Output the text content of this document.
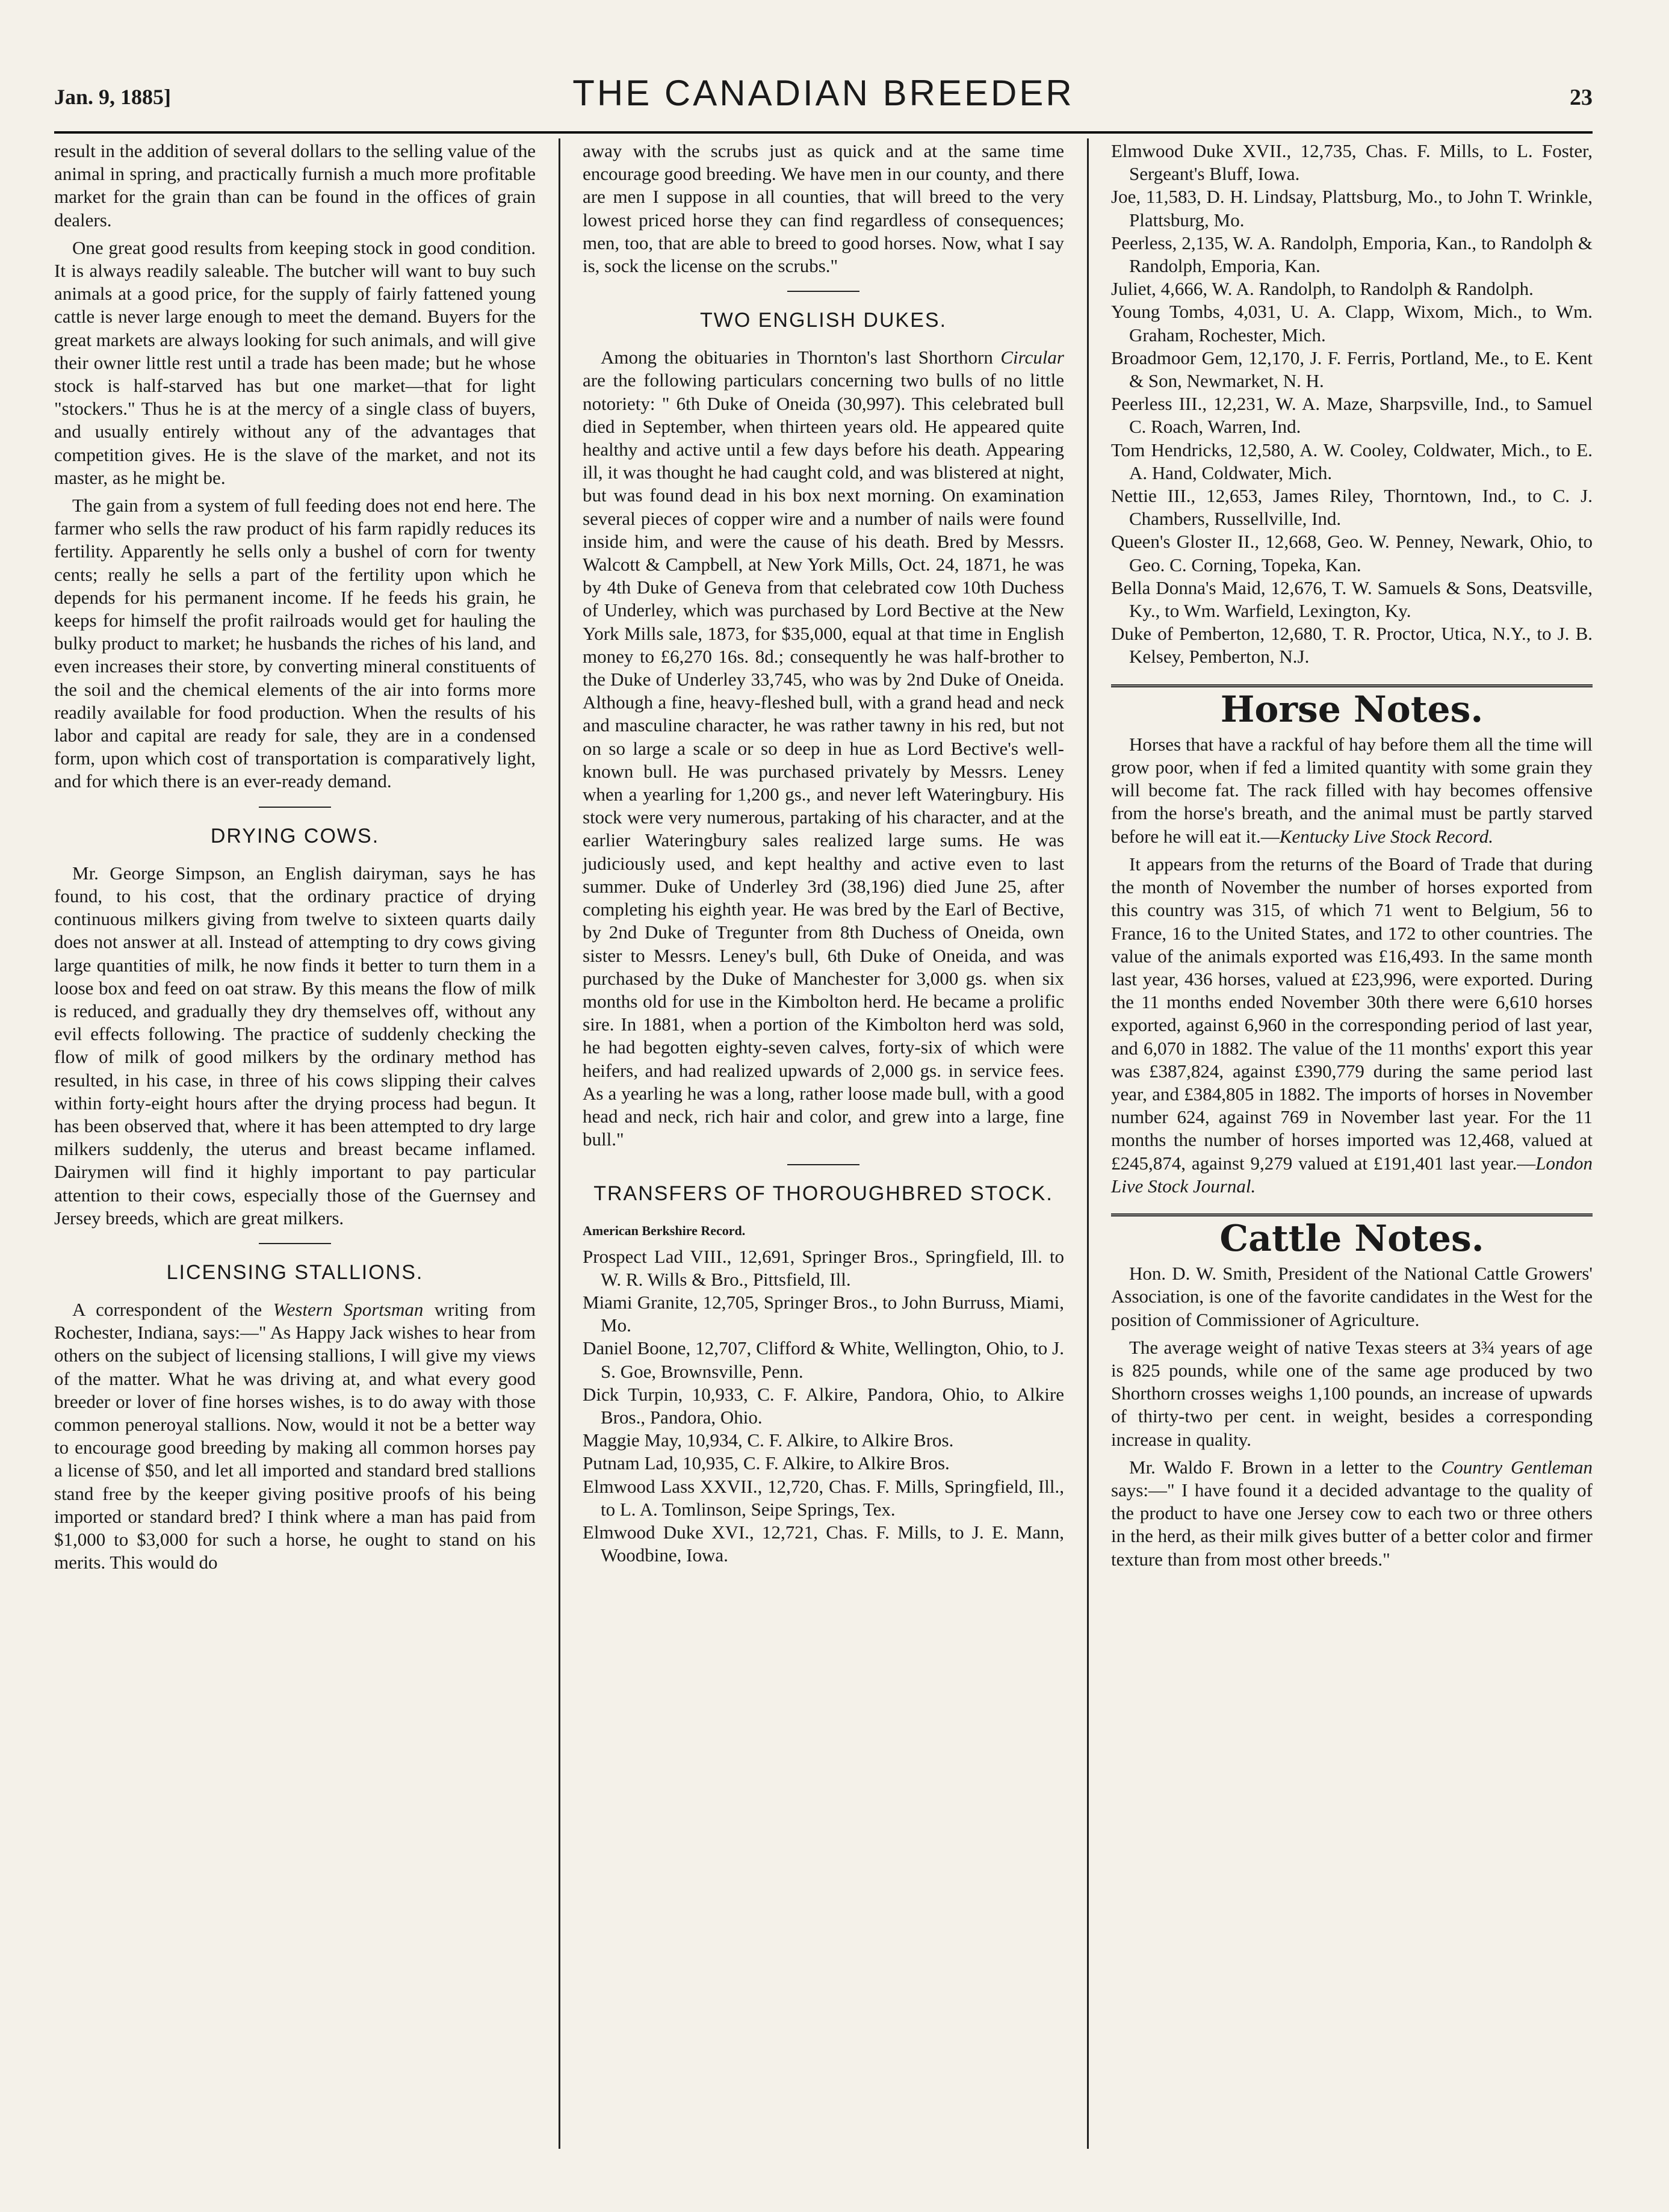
Jan. 9, 1885]	THE CANADIAN BREEDER	23

result in the addition of several dollars to the selling value of the animal in spring, and practically furnish a much more profitable market for the grain than can be found in the offices of grain dealers.

One great good results from keeping stock in good condition. It is always readily saleable. The butcher will want to buy such animals at a good price, for the supply of fairly fattened young cattle is never large enough to meet the demand. Buyers for the great markets are always looking for such animals, and will give their owner little rest until a trade has been made; but he whose stock is half-starved has but one market—that for light "stockers." Thus he is at the mercy of a single class of buyers, and usually entirely without any of the advantages that competition gives. He is the slave of the market, and not its master, as he might be.

The gain from a system of full feeding does not end here. The farmer who sells the raw product of his farm rapidly reduces its fertility. Apparently he sells only a bushel of corn for twenty cents; really he sells a part of the fertility upon which he depends for his permanent income. If he feeds his grain, he keeps for himself the profit railroads would get for hauling the bulky product to market; he husbands the riches of his land, and even increases their store, by converting mineral constituents of the soil and the chemical elements of the air into forms more readily available for food production. When the results of his labor and capital are ready for sale, they are in a condensed form, upon which cost of transportation is comparatively light, and for which there is an ever-ready demand.

DRYING COWS.

Mr. George Simpson, an English dairyman, says he has found, to his cost, that the ordinary practice of drying continuous milkers giving from twelve to sixteen quarts daily does not answer at all. Instead of attempting to dry cows giving large quantities of milk, he now finds it better to turn them in a loose box and feed on oat straw. By this means the flow of milk is reduced, and gradually they dry themselves off, without any evil effects following. The practice of suddenly checking the flow of milk of good milkers by the ordinary method has resulted, in his case, in three of his cows slipping their calves within forty-eight hours after the drying process had begun. It has been observed that, where it has been attempted to dry large milkers suddenly, the uterus and breast became inflamed. Dairymen will find it highly important to pay particular attention to their cows, especially those of the Guernsey and Jersey breeds, which are great milkers.

LICENSING STALLIONS.

A correspondent of the Western Sportsman writing from Rochester, Indiana, says:—" As Happy Jack wishes to hear from others on the subject of licensing stallions, I will give my views of the matter. What he was driving at, and what every good breeder or lover of fine horses wishes, is to do away with those common peneroyal stallions. Now, would it not be a better way to encourage good breeding by making all common horses pay a license of $50, and let all imported and standard bred stallions stand free by the keeper giving positive proofs of his being imported or standard bred? I think where a man has paid from $1,000 to $3,000 for such a horse, he ought to stand on his merits. This would do

away with the scrubs just as quick and at the same time encourage good breeding. We have men in our county, and there are men I suppose in all counties, that will breed to the very lowest priced horse they can find regardless of consequences; men, too, that are able to breed to good horses. Now, what I say is, sock the license on the scrubs."

TWO ENGLISH DUKES.

Among the obituaries in Thornton's last Shorthorn Circular are the following particulars concerning two bulls of no little notoriety: " 6th Duke of Oneida (30,997). This celebrated bull died in September, when thirteen years old. He appeared quite healthy and active until a few days before his death. Appearing ill, it was thought he had caught cold, and was blistered at night, but was found dead in his box next morning. On examination several pieces of copper wire and a number of nails were found inside him, and were the cause of his death. Bred by Messrs. Walcott & Campbell, at New York Mills, Oct. 24, 1871, he was by 4th Duke of Geneva from that celebrated cow 10th Duchess of Underley, which was purchased by Lord Bective at the New York Mills sale, 1873, for $35,000, equal at that time in English money to £6,270 16s. 8d.; consequently he was half-brother to the Duke of Underley 33,745, who was by 2nd Duke of Oneida. Although a fine, heavy-fleshed bull, with a grand head and neck and masculine character, he was rather tawny in his red, but not on so large a scale or so deep in hue as Lord Bective's well-known bull. He was purchased privately by Messrs. Leney when a yearling for 1,200 gs., and never left Wateringbury. His stock were very numerous, partaking of his character, and at the earlier Wateringbury sales realized large sums. He was judiciously used, and kept healthy and active even to last summer. Duke of Underley 3rd (38,196) died June 25, after completing his eighth year. He was bred by the Earl of Bective, by 2nd Duke of Tregunter from 8th Duchess of Oneida, own sister to Messrs. Leney's bull, 6th Duke of Oneida, and was purchased by the Duke of Manchester for 3,000 gs. when six months old for use in the Kimbolton herd. He became a prolific sire. In 1881, when a portion of the Kimbolton herd was sold, he had begotten eighty-seven calves, forty-six of which were heifers, and had realized upwards of 2,000 gs. in service fees. As a yearling he was a long, rather loose made bull, with a good head and neck, rich hair and color, and grew into a large, fine bull."

TRANSFERS OF THOROUGHBRED STOCK.
American Berkshire Record.

Prospect Lad VIII., 12,691, Springer Bros., Springfield, Ill. to W. R. Wills & Bro., Pittsfield, Ill.

Miami Granite, 12,705, Springer Bros., to John Burruss, Miami, Mo.

Daniel Boone, 12,707, Clifford & White, Wellington, Ohio, to J. S. Goe, Brownsville, Penn.

Dick Turpin, 10,933, C. F. Alkire, Pandora, Ohio, to Alkire Bros., Pandora, Ohio.

Maggie May, 10,934, C. F. Alkire, to Alkire Bros.

Putnam Lad, 10,935, C. F. Alkire, to Alkire Bros.

Elmwood Lass XXVII., 12,720, Chas. F. Mills, Springfield, Ill., to L. A. Tomlinson, Seipe Springs, Tex.

Elmwood Duke XVI., 12,721, Chas. F. Mills, to J. E. Mann, Woodbine, Iowa.

Elmwood Duke XVII., 12,735, Chas. F. Mills, to L. Foster, Sergeant's Bluff, Iowa.

Joe, 11,583, D. H. Lindsay, Plattsburg, Mo., to John T. Wrinkle, Plattsburg, Mo.

Peerless, 2,135, W. A. Randolph, Emporia, Kan., to Randolph & Randolph, Emporia, Kan.

Juliet, 4,666, W. A. Randolph, to Randolph & Randolph.

Young Tombs, 4,031, U. A. Clapp, Wixom, Mich., to Wm. Graham, Rochester, Mich.

Broadmoor Gem, 12,170, J. F. Ferris, Portland, Me., to E. Kent & Son, Newmarket, N. H.

Peerless III., 12,231, W. A. Maze, Sharpsville, Ind., to Samuel C. Roach, Warren, Ind.

Tom Hendricks, 12,580, A. W. Cooley, Coldwater, Mich., to E. A. Hand, Coldwater, Mich.

Nettie III., 12,653, James Riley, Thorntown, Ind., to C. J. Chambers, Russellville, Ind.

Queen's Gloster II., 12,668, Geo. W. Penney, Newark, Ohio, to Geo. C. Corning, Topeka, Kan.

Bella Donna's Maid, 12,676, T. W. Samuels & Sons, Deatsville, Ky., to Wm. Warfield, Lexington, Ky.

Duke of Pemberton, 12,680, T. R. Proctor, Utica, N.Y., to J. B. Kelsey, Pemberton, N.J.

Horse Notes.

Horses that have a rackful of hay before them all the time will grow poor, when if fed a limited quantity with some grain they will become fat. The rack filled with hay becomes offensive from the horse's breath, and the animal must be partly starved before he will eat it.—Kentucky Live Stock Record.

It appears from the returns of the Board of Trade that during the month of November the number of horses exported from this country was 315, of which 71 went to Belgium, 56 to France, 16 to the United States, and 172 to other countries. The value of the animals exported was £16,493. In the same month last year, 436 horses, valued at £23,996, were exported. During the 11 months ended November 30th there were 6,610 horses exported, against 6,960 in the corresponding period of last year, and 6,070 in 1882. The value of the 11 months' export this year was £387,824, against £390,779 during the same period last year, and £384,805 in 1882. The imports of horses in November number 624, against 769 in November last year. For the 11 months the number of horses imported was 12,468, valued at £245,874, against 9,279 valued at £191,401 last year.—London Live Stock Journal.

Cattle Notes.

Hon. D. W. Smith, President of the National Cattle Growers' Association, is one of the favorite candidates in the West for the position of Commissioner of Agriculture.

The average weight of native Texas steers at 3¾ years of age is 825 pounds, while one of the same age produced by two Shorthorn crosses weighs 1,100 pounds, an increase of upwards of thirty-two per cent. in weight, besides a corresponding increase in quality.

Mr. Waldo F. Brown in a letter to the Country Gentleman says:—" I have found it a decided advantage to the quality of the product to have one Jersey cow to each two or three others in the herd, as their milk gives butter of a better color and firmer texture than from most other breeds."
